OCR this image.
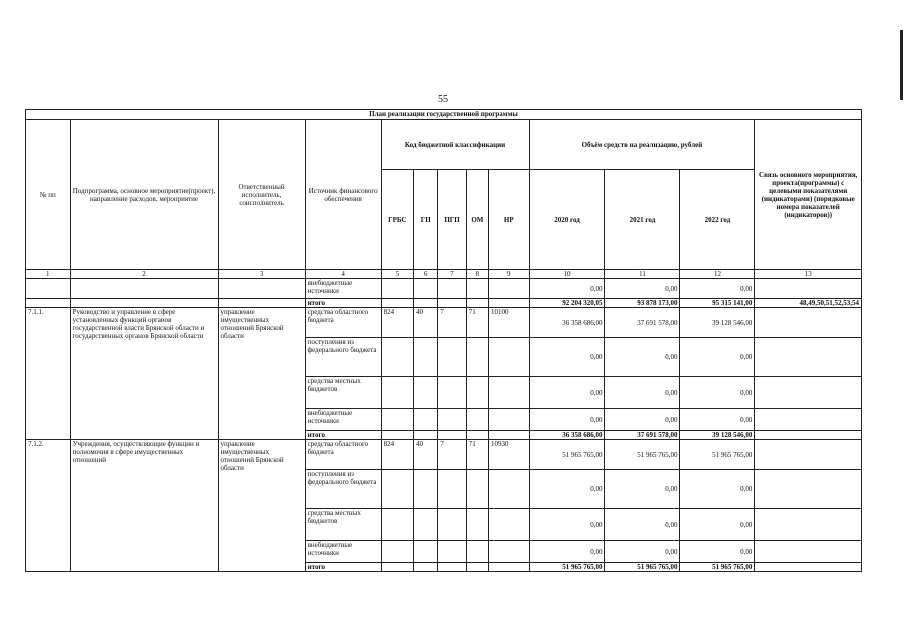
· · ·
55
План реализации государственной программы												
№ пп	Подпрограмма, основное мероприятие(проект), направление расходов, мероприятие	Ответственный исполнитель, соисполнитель	Источник финансового обеспечения	Код бюджетной классификации					Объём средств на реализацию, рублей			Связь основного мероприятия, проекта(программы) с целевыми показателями (индикаторами) (порядковые номера показателей (индикаторов))
				ГРБС	ГП	ПГП	ОМ	НР	2020 год	2021 год	2022 год	
1	2	3	4	5	6	7	8	9	10	11	12	13
			внебюджетные источники						0,00	0,00	0,00	
			итого						92 204 320,05	93 878 173,00	95 315 141,00	48,49,50,51,52,53,54
7.1.1.	Руководство и управление в сфере установленных функций органов государственной власти Брянской области и государственных органов Брянской области	управление имущественных отношений Брянской области	средства областного бюджета	824	40	7	71	10100	36 358 686,00	37 691 578,00	39 128 546,00	
			поступления из федерального бюджета						0,00	0,00	0,00	
			средства местных бюджетов						0,00	0,00	0,00	
			внебюджетные источники						0,00	0,00	0,00	
			итого						36 358 686,00	37 691 578,00	39 128 546,00	
7.1.2.	Учреждения, осуществляющие функции и полномочия в сфере имущественных отношений	управление имущественных отношений Брянской области	средства областного бюджета	824	40	7	71	10930	51 965 765,00	51 965 765,00	51 965 765,00	
			поступления из федерального бюджета						0,00	0,00	0,00	
			средства местных бюджетов						0,00	0,00	0,00	
			внебюджетные источники						0,00	0,00	0,00	
			итого						51 965 765,00	51 965 765,00	51 965 765,00	
